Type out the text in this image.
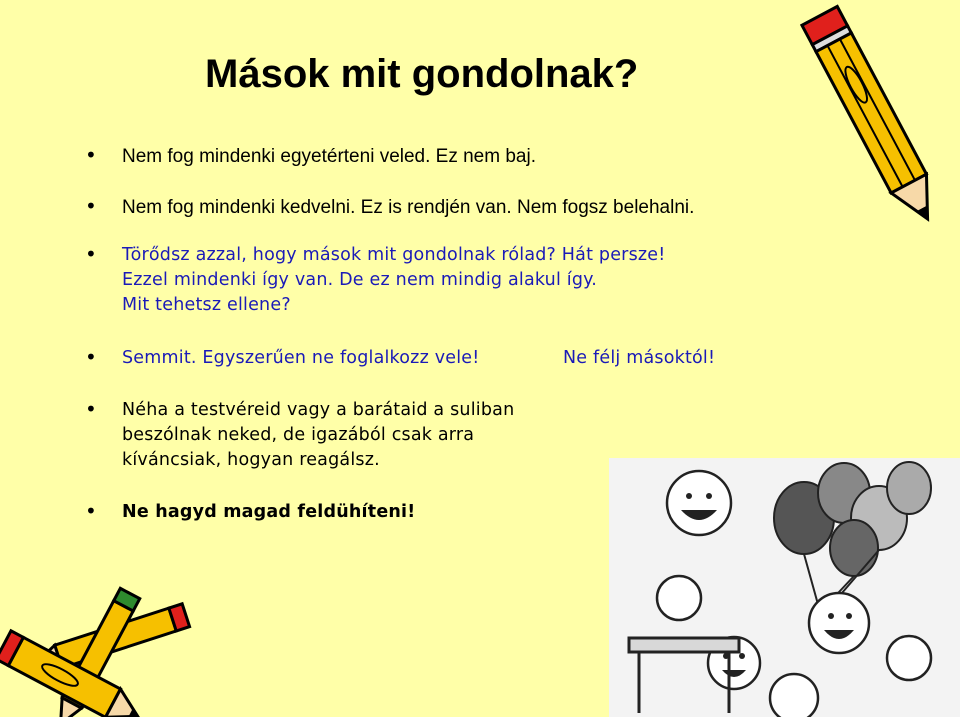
Mások mit gondolnak?
• Nem fog mindenki egyetérteni veled. Ez nem baj.
• Nem fog mindenki kedvelni. Ez is rendjén van. Nem fogsz belehalni.
• Törődsz azzal, hogy mások mit gondolnak rólad? Hát persze!
Ezzel mindenki így van. De ez nem mindig alakul így.
Mit tehetsz ellene?
• Semmit. Egyszerűen ne foglalkozz vele!	Ne félj másoktól!
• Néha a testvéreid vagy a barátaid a suliban
beszólnak neked, de igazából csak arra
kíváncsiak, hogyan reagálsz.
• Ne hagyd magad feldühíteni!
